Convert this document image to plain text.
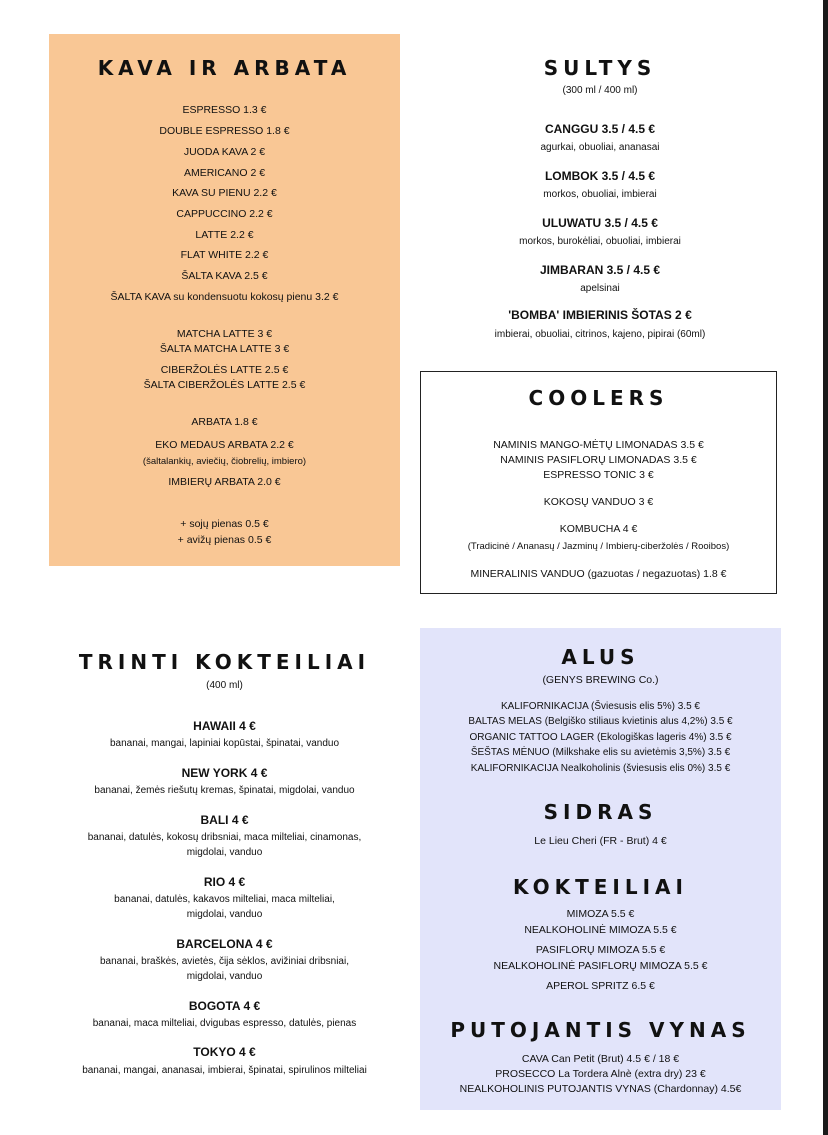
KAVA IR ARBATA
ESPRESSO 1.3 €
DOUBLE ESPRESSO 1.8 €
JUODA KAVA 2 €
AMERICANO 2 €
KAVA SU PIENU 2.2 €
CAPPUCCINO 2.2 €
LATTE 2.2 €
FLAT WHITE 2.2 €
ŠALTA KAVA 2.5 €
ŠALTA KAVA su kondensuotu kokosų pienu 3.2 €
MATCHA LATTE 3 €
ŠALTA MATCHA LATTE 3 €
CIBERŽOLĖS LATTE 2.5 €
ŠALTA CIBERŽOLĖS LATTE 2.5 €
ARBATA 1.8 €
EKO MEDAUS ARBATA 2.2 €
(šaltalankių, aviečių, čiobrelių, imbiero)
IMBIERŲ ARBATA 2.0 €
+ sojų pienas 0.5 €
+ avižų pienas 0.5 €
SULTYS
(300 ml / 400 ml)
CANGGU 3.5 / 4.5 €
agurkai, obuoliai, ananasai
LOMBOK 3.5 / 4.5 €
morkos, obuoliai, imbierai
ULUWATU 3.5 / 4.5 €
morkos, burokėliai, obuoliai, imbierai
JIMBARAN 3.5 / 4.5 €
apelsinai
'BOMBA' IMBIERINIS ŠOTAS 2 €
imbierai, obuoliai, citrinos, kajeno, pipirai (60ml)
COOLERS
NAMINIS MANGO-MĖTŲ LIMONADAS 3.5 €
NAMINIS PASIFLORŲ LIMONADAS 3.5 €
ESPRESSO TONIC 3 €
KOKOSŲ VANDUO 3 €
KOMBUCHA 4 €
(Tradicinė / Ananasų / Jazminų / Imbierų-ciberžolės / Rooibos)
MINERALINIS VANDUO (gazuotas / negazuotas) 1.8 €
TRINTI KOKTEILIAI
(400 ml)
HAWAII 4 €
bananai, mangai, lapiniai kopūstai, špinatai, vanduo
NEW YORK 4 €
bananai, žemės riešutų kremas, špinatai, migdolai, vanduo
BALI 4 €
bananai, datulės, kokosų dribsniai, maca milteliai, cinamonas,
migdolai, vanduo
RIO 4 €
bananai, datulės, kakavos milteliai, maca milteliai,
migdolai, vanduo
BARCELONA 4 €
bananai, braškės, avietės, čija sėklos, avižiniai dribsniai,
migdolai, vanduo
BOGOTA 4 €
bananai, maca milteliai, dvigubas espresso, datulės, pienas
TOKYO 4 €
bananai, mangai, ananasai, imbierai, špinatai, spirulinos milteliai
ALUS
(GENYS BREWING Co.)
KALIFORNIKACIJA (Šviesusis elis 5%) 3.5 €
BALTAS MELAS (Belgiško stiliaus kvietinis alus 4,2%) 3.5 €
ORGANIC TATTOO LAGER (Ekologiškas lageris 4%) 3.5 €
ŠEŠTAS MĖNUO (Milkshake elis su avietėmis 3,5%) 3.5 €
KALIFORNIKACIJA Nealkoholinis (šviesusis elis 0%) 3.5 €
SIDRAS
Le Lieu Cheri (FR - Brut) 4 €
KOKTEILIAI
MIMOZA 5.5 €
NEALKOHOLINĖ MIMOZA 5.5 €
PASIFLORŲ MIMOZA 5.5 €
NEALKOHOLINĖ PASIFLORŲ MIMOZA 5.5 €
APEROL SPRITZ 6.5 €
PUTOJANTIS VYNAS
CAVA Can Petit (Brut) 4.5 € / 18 €
PROSECCO La Tordera Alnè (extra dry) 23 €
NEALKOHOLINIS PUTOJANTIS VYNAS (Chardonnay) 4.5€
